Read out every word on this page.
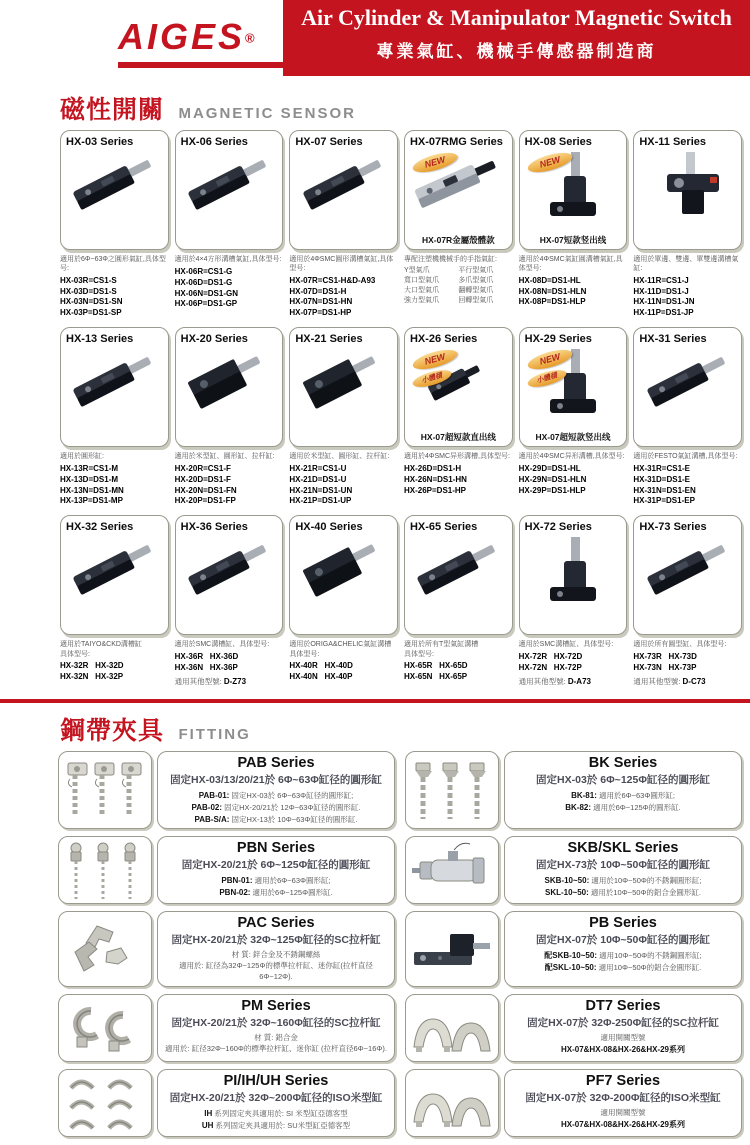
AIGES®
Air Cylinder & Manipulator Magnetic Switch
專業氣缸、機械手傳感器制造商
磁性開關 MAGNETIC SENSOR
HX-03 Series
適用於6Φ~63Φ之圓形氣缸,具体型号:
HX-03R=CS1-S
HX-03D=DS1-S
HX-03N=DS1-SN
HX-03P=DS1-SP
HX-06 Series
適用於4×4方形溝槽氣缸,具体型号:
HX-06R=CS1-G
HX-06D=DS1-G
HX-06N=DS1-GN
HX-06P=DS1-GP
HX-07 Series
適用於4ΦSMC圓形溝槽氣缸,具体型号:
HX-07R=CS1-H&D-A93
HX-07D=DS1-H
HX-07N=DS1-HN
HX-07P=DS1-HP
HX-07RMG Series
NEW
HX-07R金屬殼體款
專配注塑機機械手的手指氣缸:
Y型氣爪	平行型氣爪
寬口型氣爪	多爪型氣爪
大口型氣爪	翻轉型氣爪
強力型氣爪	回轉型氣爪
HX-08 Series
NEW
HX-07短款竖出线
適用於4ΦSMC氣缸圓溝槽氣缸,具体型号:
HX-08D=DS1-HL
HX-08N=DS1-HLN
HX-08P=DS1-HLP
HX-11 Series
適用於單邊、雙邊、單雙邊溝槽氣缸:
HX-11R=CS1-J
HX-11D=DS1-J
HX-11N=DS1-JN
HX-11P=DS1-JP
HX-13 Series
適用於圓形缸:
HX-13R=CS1-M
HX-13D=DS1-M
HX-13N=DS1-MN
HX-13P=DS1-MP
HX-20 Series
適用於米型缸、圓形缸、拉杆缸:
HX-20R=CS1-F
HX-20D=DS1-F
HX-20N=DS1-FN
HX-20P=DS1-FP
HX-21 Series
適用於米型缸、圓形缸、拉杆缸:
HX-21R=CS1-U
HX-21D=DS1-U
HX-21N=DS1-UN
HX-21P=DS1-UP
HX-26 Series
NEW
小體積
HX-07超短款直出线
適用於4ΦSMC异形溝槽,具体型号:
HX-26D=DS1-H
HX-26N=DS1-HN
HX-26P=DS1-HP
HX-29 Series
NEW
小體積
HX-07超短款竖出线
適用於4ΦSMC异形溝槽,具体型号:
HX-29D=DS1-HL
HX-29N=DS1-HLN
HX-29P=DS1-HLP
HX-31 Series
適用於FESTO氣缸溝槽,具体型号:
HX-31R=CS1-E
HX-31D=DS1-E
HX-31N=DS1-EN
HX-31P=DS1-EP
HX-32 Series
適用於TAIYO&CKD溝槽缸
具体型号:
HX-32R   HX-32D
HX-32N   HX-32P
HX-36 Series
適用於SMC溝槽缸、具体型号:
HX-36R   HX-36D
HX-36N   HX-36P
通用其他型號: D-Z73
HX-40 Series
適用於ORIGA&CHELIC氣缸溝槽
具体型号:
HX-40R   HX-40D
HX-40N   HX-40P
HX-65 Series
適用於所有T型氣缸溝槽
具体型号:
HX-65R   HX-65D
HX-65N   HX-65P
HX-72 Series
適用於SMC溝槽缸、具体型号:
HX-72R   HX-72D
HX-72N   HX-72P
通用其他型號: D-A73
HX-73 Series
適用於所有圓型缸、具体型号:
HX-73R   HX-73D
HX-73N   HX-73P
通用其他型號: D-C73
鋼帶夾具 FITTING
PAB Series
固定HX-03/13/20/21於 6Φ~63Φ缸径的圓形缸
PAB-01: 固定HX-03於 6Φ~63Φ缸径的圓形缸;
PAB-02: 固定HX-20/21於 12Φ~63Φ缸径的圓形缸.
PAB-S/A: 固定HX-13於 10Φ~63Φ缸径的圓形缸.
BK Series
固定HX-03於 6Φ~125Φ缸径的圓形缸
BK-81: 適用於6Φ~63Φ圓形缸;
BK-82: 適用於6Φ~125Φ的圓形缸.
PBN Series
固定HX-20/21於 6Φ~125Φ缸径的圓形缸
PBN-01: 適用於6Φ~63Φ圓形缸;
PBN-02: 適用於6Φ~125Φ圓形缸.
SKB/SKL Series
固定HX-73於 10Φ~50Φ缸径的圓形缸
SKB-10~50: 適用於10Φ~50Φ的不銹鋼圓形缸;
SKL-10~50: 適用於10Φ~50Φ的鋁合金圓形缸.
PAC Series
固定HX-20/21於 32Φ~125Φ缸径的SC拉杆缸
材 質: 鋅合金及不銹鋼螺絲
適用於: 缸径為32Φ~125Φ的標準拉杆缸、迷你缸(拉杆直径6Φ~12Φ).
PB Series
固定HX-07於 10Φ~50Φ缸径的圓形缸
配SKB-10~50: 適用10Φ~50Φ的不銹鋼圓形缸;
配SKL-10~50: 適用10Φ~50Φ的鋁合金圓形缸.
PM Series
固定HX-20/21於 32Φ~160Φ缸径的SC拉杆缸
材 質: 鋁合金
適用於: 缸径32Φ~160Φ的標準拉杆缸、迷你缸 (拉杆直径6Φ~16Φ).
DT7 Series
固定HX-07於 32Φ-250Φ缸径的SC拉杆缸
適用開關型號
HX-07&HX-08&HX-26&HX-29系列
PI/IH/UH Series
固定HX-20/21於 32Φ~200Φ缸径的ISO米型缸
IH 系列固定夾具適用於: SI 米型缸亞德客型
UH 系列固定夾具適用於: SU米型缸亞德客型
PF7 Series
固定HX-07於 32Φ-200Φ缸径的ISO米型缸
適用開關型號
HX-07&HX-08&HX-26&HX-29系列
